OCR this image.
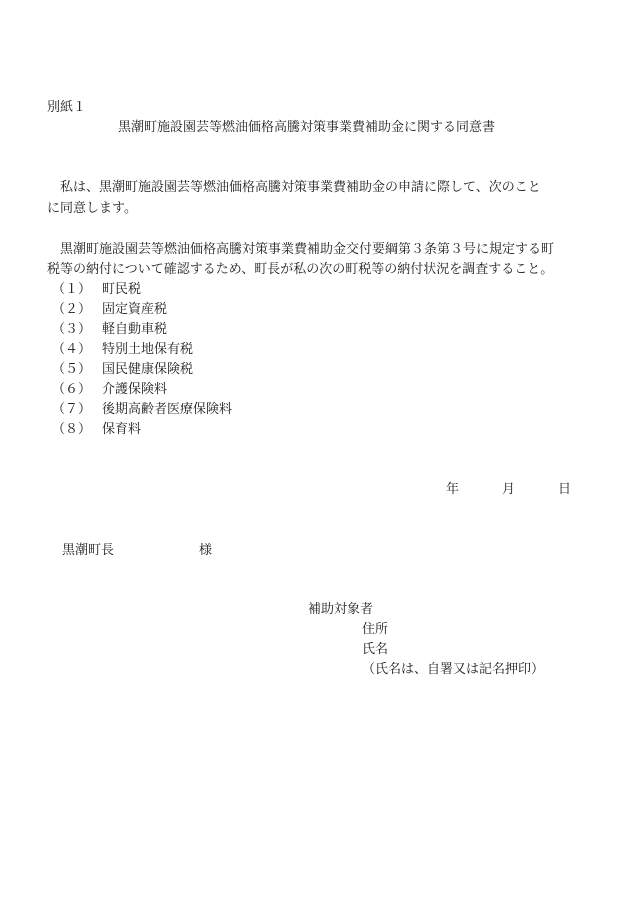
別紙１
黒潮町施設園芸等燃油価格高騰対策事業費補助金に関する同意書
　私は、黒潮町施設園芸等燃油価格高騰対策事業費補助金の申請に際して、次のこと
に同意します。
　黒潮町施設園芸等燃油価格高騰対策事業費補助金交付要綱第３条第３号に規定する町
税等の納付について確認するため、町長が私の次の町税等の納付状況を調査すること。
（１） 町民税
（２） 固定資産税
（３） 軽自動車税
（４） 特別土地保有税
（５） 国民健康保険税
（６） 介護保険料
（７） 後期高齢者医療保険料
（８） 保育料
年	月	日
黒潮町長	様
補助対象者
住所
氏名
（氏名は、自署又は記名押印）
